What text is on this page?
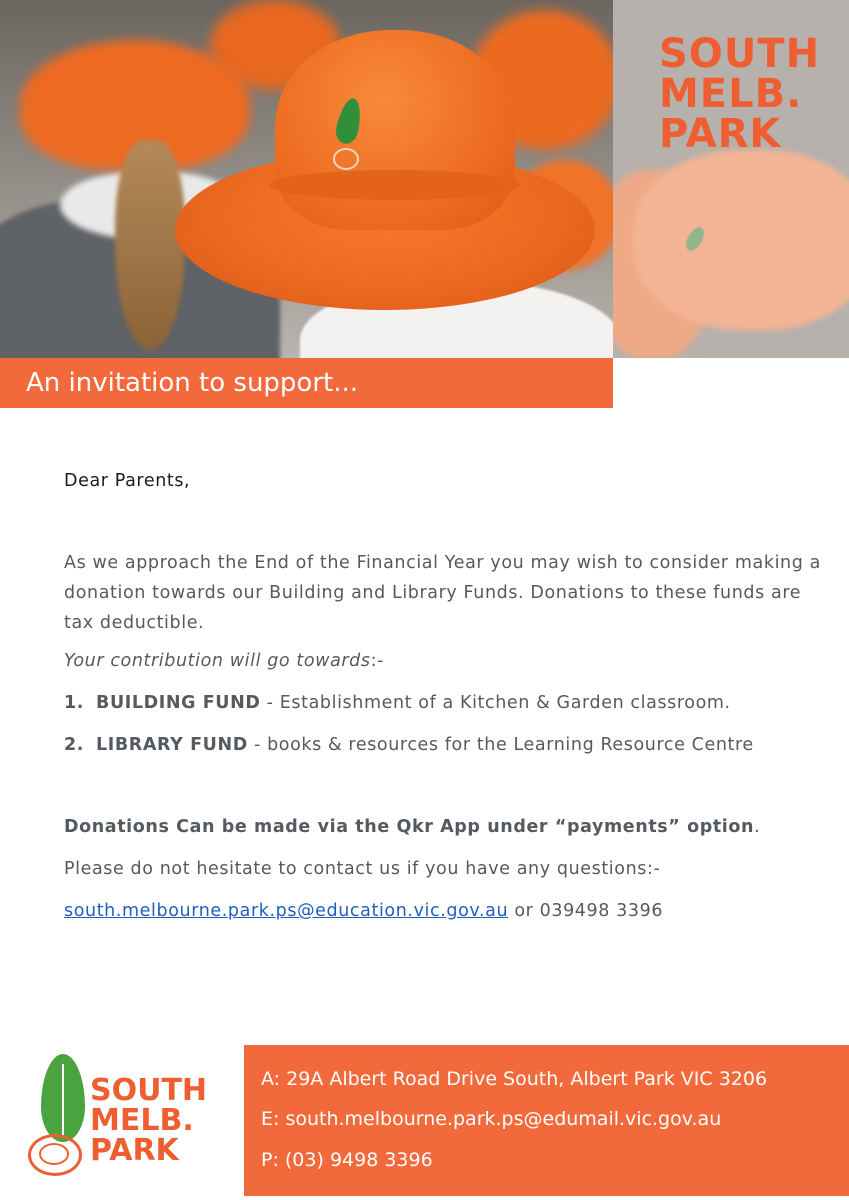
SOUTH
MELB.
PARK
An invitation to support...

Dear Parents,

As we approach the End of the Financial Year you may wish to consider making a donation towards our Building and Library Funds. Donations to these funds are tax deductible.

Your contribution will go towards:-

1. BUILDING FUND - Establishment of a Kitchen & Garden classroom.

2. LIBRARY FUND - books & resources for the Learning Resource Centre

Donations Can be made via the Qkr App under “payments” option.

Please do not hesitate to contact us if you have any questions:-

south.melbourne.park.ps@education.vic.gov.au or 039498 3396

SOUTH
MELB.
PARK

A: 29A Albert Road Drive South, Albert Park VIC 3206

E: south.melbourne.park.ps@edumail.vic.gov.au

P: (03) 9498 3396
